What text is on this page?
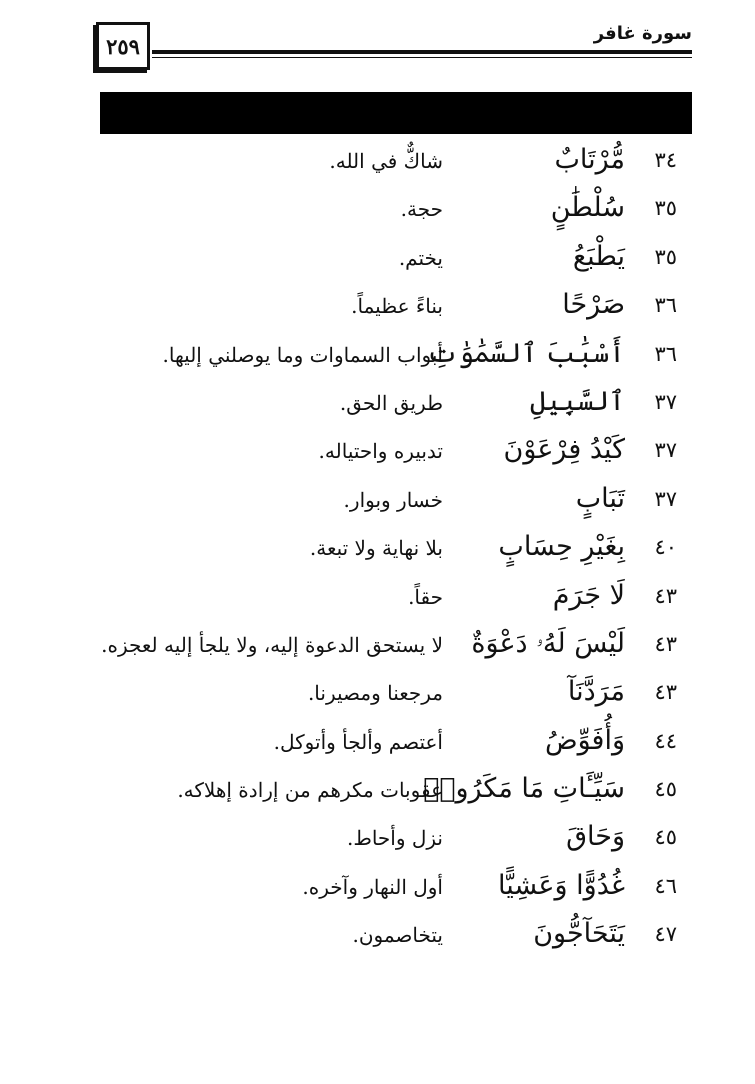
٢٥٩
سورة غافر
٣٤
مُّرْتَابٌ
شاكٌّ في الله.
٣٥
سُلْطَٰنٍ
حجة.
٣٥
يَطْبَعُ
يختم.
٣٦
صَرْحًا
بناءً عظيماً.
٣٦
أَسْبَٰبَ ٱلسَّمَٰوَٰتِ
أبواب السماوات وما يوصلني إليها.
٣٧
ٱلسَّبِيلِ
طريق الحق.
٣٧
كَيْدُ فِرْعَوْنَ
تدبيره واحتياله.
٣٧
تَبَابٍ
خسار وبوار.
٤٠
بِغَيْرِ حِسَابٍ
بلا نهاية ولا تبعة.
٤٣
لَا جَرَمَ
حقاً.
٤٣
لَيْسَ لَهُۥ دَعْوَةٌ
لا يستحق الدعوة إليه، ولا يلجأ إليه لعجزه.
٤٣
مَرَدَّنَآ
مرجعنا ومصيرنا.
٤٤
وَأُفَوِّضُ
أعتصم وألجأ وأتوكل.
٤٥
سَيِّـَٔاتِ مَا مَكَرُوا۟
عقوبات مكرهم من إرادة إهلاكه.
٤٥
وَحَاقَ
نزل وأحاط.
٤٦
غُدُوًّا وَعَشِيًّا
أول النهار وآخره.
٤٧
يَتَحَآجُّونَ
يتخاصمون.
